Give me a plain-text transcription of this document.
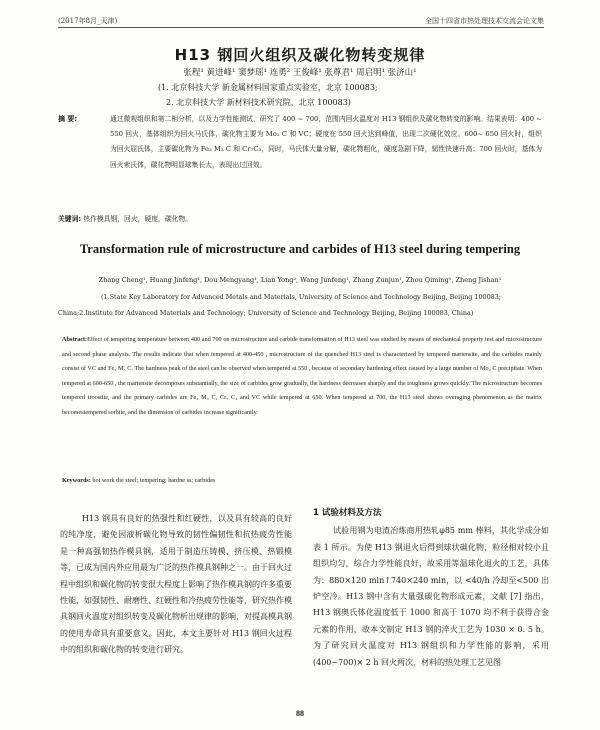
(2017年8月_天津)	全国十四省市热处理技术交流会论文集
H13 钢回火组织及碳化物转变规律
张程¹ 黄进峰¹ 窦梦瑶¹ 连勇² 王俊峰¹ 张尊君¹ 周启明¹ 张济山¹
(1. 北京科技大学 新金属材料国家重点实验室，北京 100083;
2. 北京科技大学 新材料技术研究院，北京 100083)
摘 要:	通过微观组织和第二相分析，以及力学性能测试，研究了 400 ~ 700，范围内回火温度对 H13 钢组织及碳化物转变的影响。结果表明：400 ~ 550 回火，基体组织为回火马氏体，碳化物主要为 Mo₂ C 和 VC；硬度在 550 回火达到峰值，出现二次硬化效应。600~ 650 回火时，组织为回火屈氏体，主要碳化物为 Fe₃ M₃ C 和 Cr₇C₃，同时，马氏体大量分解，碳化物粗化，硬度急剧下降，韧性快速升高；700 回火时，基体为回火索氏体，碳化物明显球集长大，表现出过回效。
关键词: 热作模具钢，回火，硬度，碳化物。
Transformation rule of microstructure and carbides of H13 steel during tempering
Zhang Cheng¹, Huang Jinfeng¹, Dou Mengyang¹, Lian Yong², Wang Junfeng¹, Zhang Zunjun¹, Zhou Qiming¹, Zheng Jishan¹
(1.State Key Laboratory for Advanced Metals and Materials, University of Science and Technology Beijing, Beijing 100083;
China;2.Institute for Advanced Materials and Technology; University of Science and Technology Beijing, Beijing 100083, China)
Abstract:Effect of tempering temperature between 400 and 700 on microstructure and carbide transformation of H13 steel was studied by means of mechanical property test and microstructure and second phase analysis. The results indicate that when tempered at 400-450 , microstructure of the quenched H13 steel is characterized by tempered martensite, and the carbides mainly consist of VC and Fe₃ M₃ C. The hardness peak of the steel can be observed when tempered at 550 , because of secondary hardening effect caused by a large number of Mo₂ C precipitate. When tempered at 600-650 , the martensite decomposes substantially, the size of carbides grow gradually, the hardness decreases sharply and the toughness grows quickly. The microstructure becomes tempered troostite, and the primary carbides are Fe₃ M₃ C, Cr₇ C₃ and VC while tempered at 650. When tempered at 700, the H13 steel shows overaging phenomenon as the matrix becomestempered sorbite, and the dimension of carbides increase significantly.
Keywords: hot work die steel; tempering; hardne ss; carbides
H13 钢具有良好的热强性和红硬性，以及具有较高的良好的纯净度，避免因液析碳化物导致的韧性偏韧性和抗热疲劳性能 是一种高强韧热作模具钢，适用于制造压铸模、挤压模、热锻模等，已成为国内外应用最为广泛的热作模具钢种之一。由于回火过程中组织和碳化物的转变很大程度上影响了热作模具钢的许多重要性能，如强韧性、耐磨性、红硬性和冷热疲劳性能等，研究热作模具钢回火温度对组织转变及碳化物析出规律的影响，对提高模具钢的使用寿命具有重要意义。因此，本文主要针对 H13 钢回火过程中的组织和碳化物的转变进行研究。
1 试验材料及方法
试验用钢为电渣冶炼商用热轧φ85 mm 棒料，其化学成分如表 1 所示。为使 H13 钢退火后得到球状碳化物，粒径相对较小且组织均匀，综合力学性能良好，故采用等温球化退火的工艺，具体为：880×120 min↑740×240 min，以 <40/h 冷却至<500 出炉空冷。H13 钢中含有大量强碳化物形成元素，文献 [7] 指出，H13 钢奥氏体化温度低于 1000 和高于 1070 均不利于获得合金元素的作用，故本文制定 H13 钢的淬火工艺为 1030 × 0. 5 h。为了研究回火温度对 H13 钢组织和力学性能的影响，采用 (400~700)× 2 h 回火两次，材料的热处理工艺见图
88
